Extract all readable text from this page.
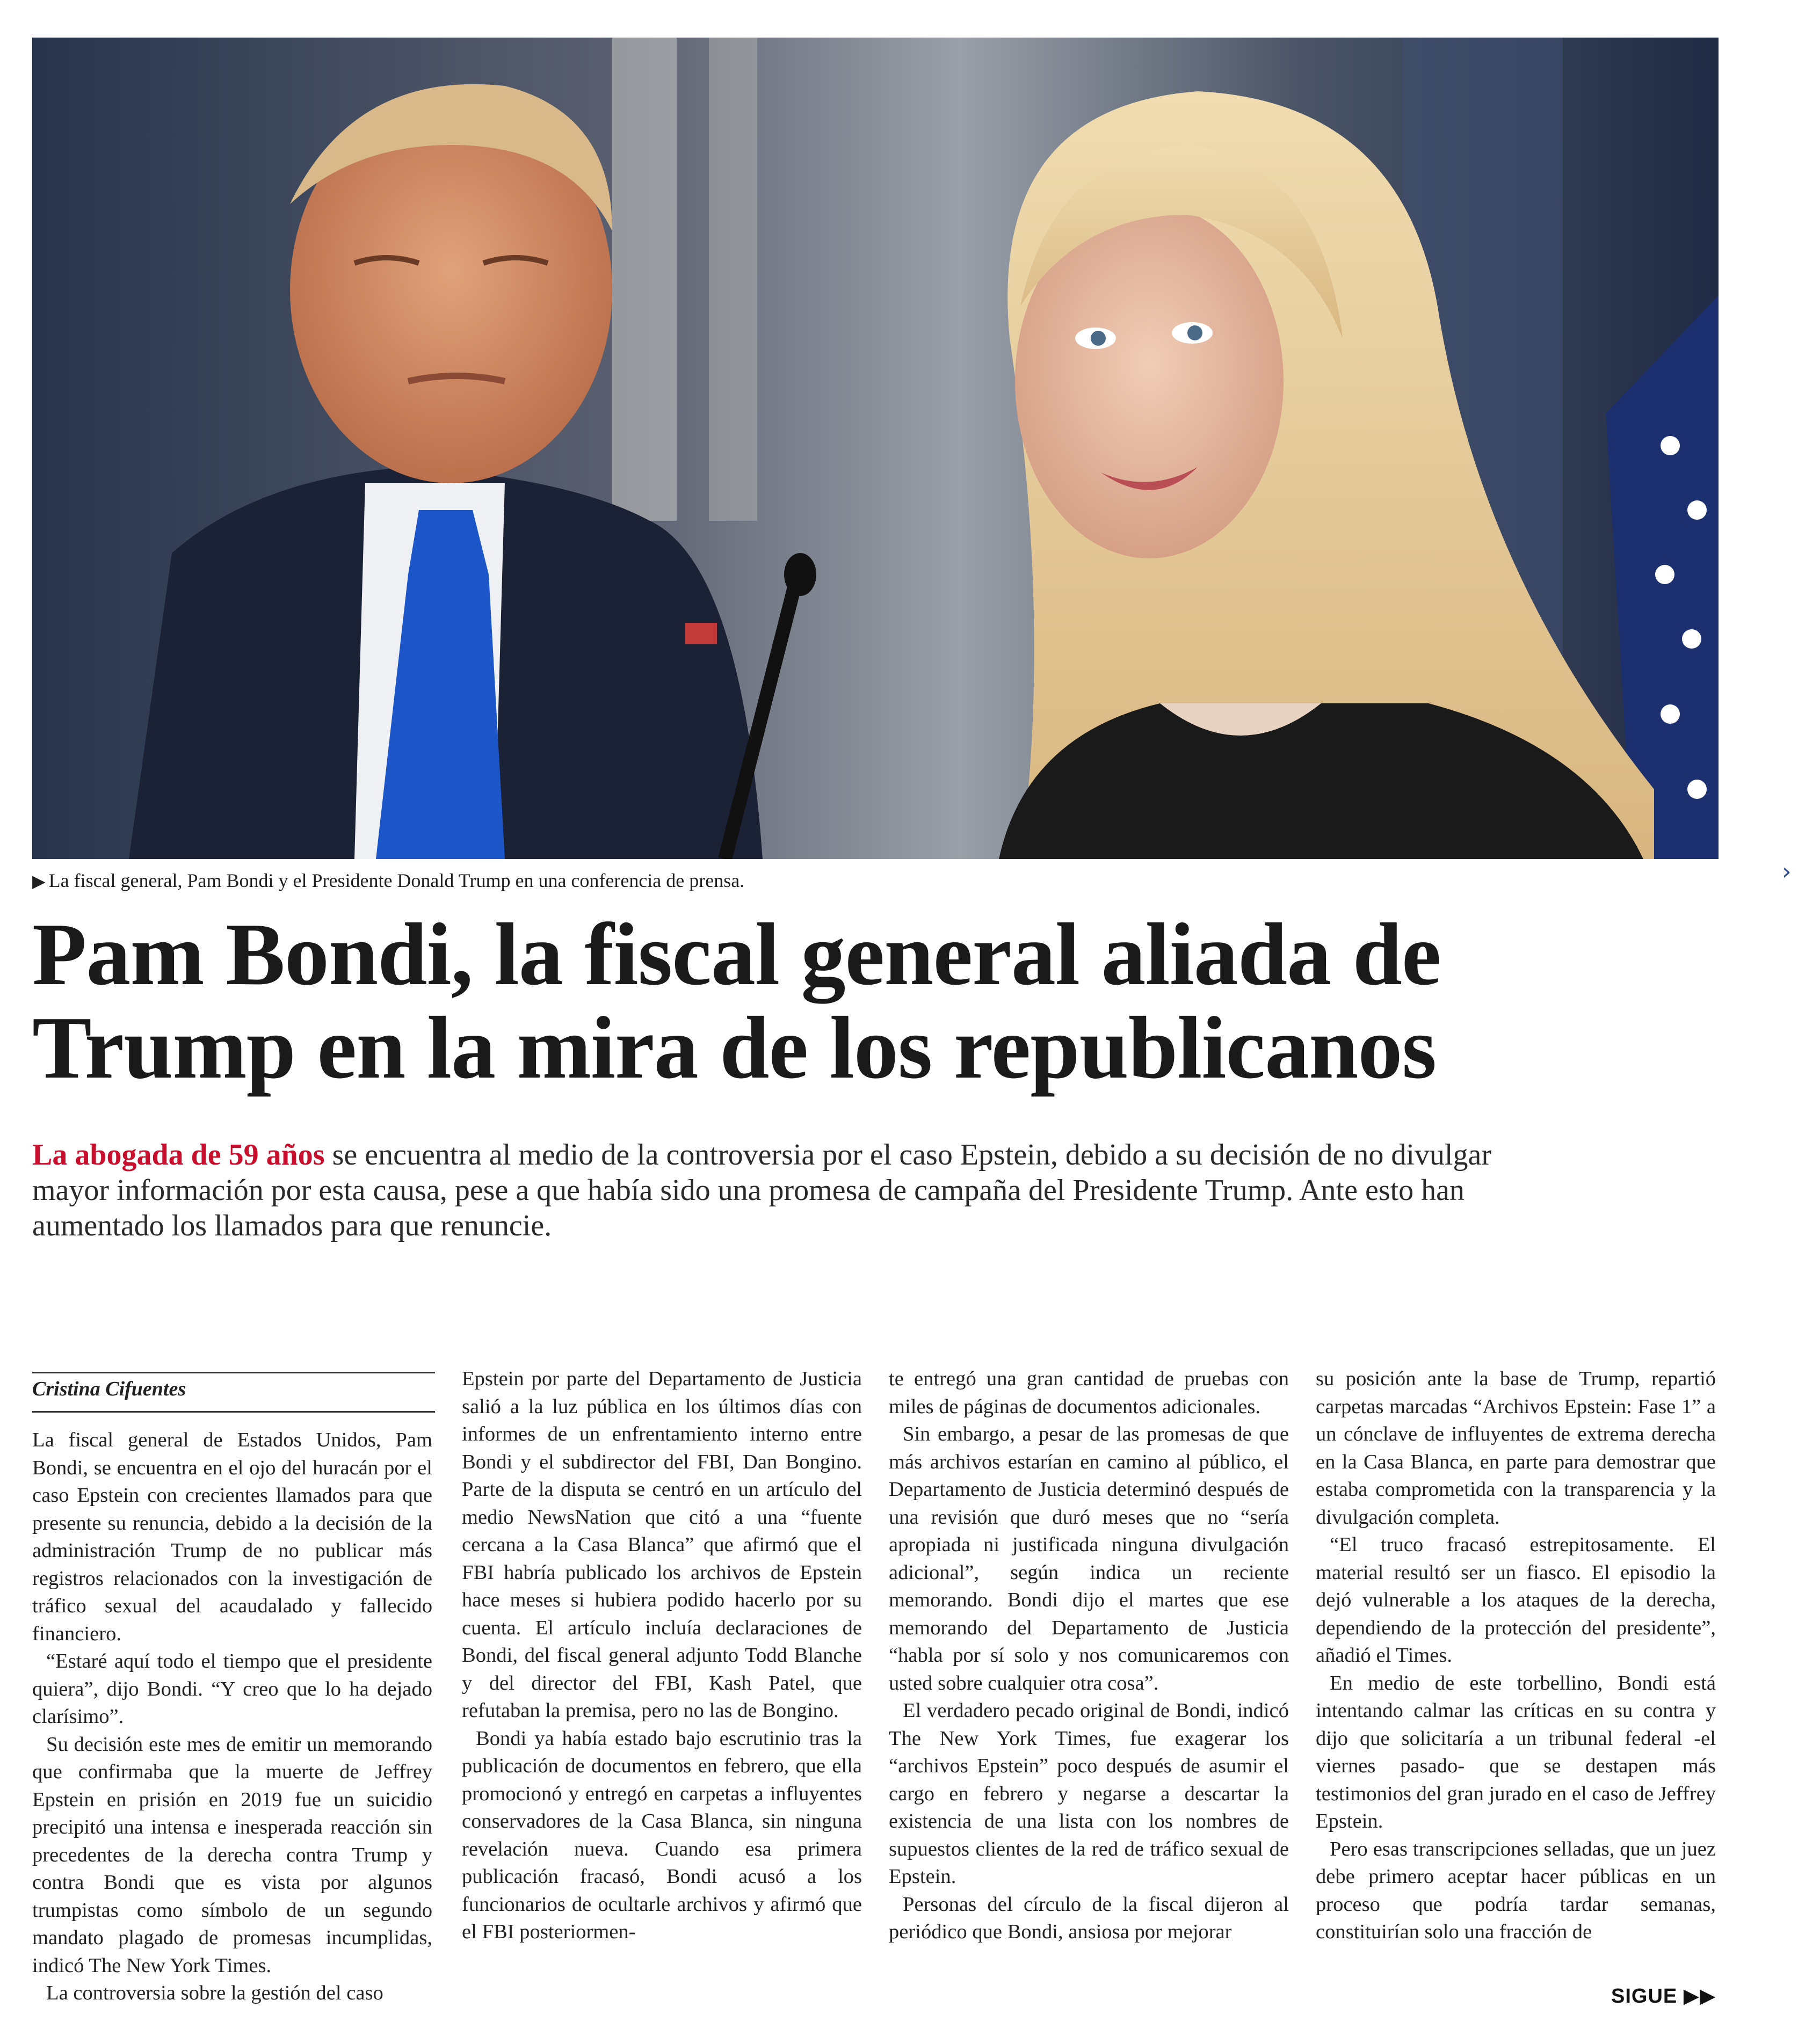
▶ La fiscal general, Pam Bondi y el Presidente Donald Trump en una conferencia de prensa.	›
Pam Bondi, la fiscal general aliada de
Trump en la mira de los republicanos
La abogada de 59 años se encuentra al medio de la controversia por el caso Epstein, debido a su decisión de no divulgar mayor información por esta causa, pese a que había sido una promesa de campaña del Presidente Trump. Ante esto han aumentado los llamados para que renuncie.
Cristina Cifuentes

La fiscal general de Estados Unidos, Pam Bondi, se encuentra en el ojo del huracán por el caso Epstein con crecientes llamados para que presente su renuncia, debido a la decisión de la administración Trump de no publicar más registros relacionados con la investigación de tráfico sexual del acaudalado y fallecido financiero.

“Estaré aquí todo el tiempo que el presidente quiera”, dijo Bondi. “Y creo que lo ha dejado clarísimo”.

Su decisión este mes de emitir un memorando que confirmaba que la muerte de Jeffrey Epstein en prisión en 2019 fue un suicidio precipitó una intensa e inesperada reacción sin precedentes de la derecha contra Trump y contra Bondi que es vista por algunos trumpistas como símbolo de un segundo mandato plagado de promesas incumplidas, indicó The New York Times.

La controversia sobre la gestión del caso

Epstein por parte del Departamento de Justicia salió a la luz pública en los últimos días con informes de un enfrentamiento interno entre Bondi y el subdirector del FBI, Dan Bongino. Parte de la disputa se centró en un artículo del medio NewsNation que citó a una “fuente cercana a la Casa Blanca” que afirmó que el FBI habría publicado los archivos de Epstein hace meses si hubiera podido hacerlo por su cuenta. El artículo incluía declaraciones de Bondi, del fiscal general adjunto Todd Blanche y del director del FBI, Kash Patel, que refutaban la premisa, pero no las de Bongino.

Bondi ya había estado bajo escrutinio tras la publicación de documentos en febrero, que ella promocionó y entregó en carpetas a influyentes conservadores de la Casa Blanca, sin ninguna revelación nueva. Cuando esa primera publicación fracasó, Bondi acusó a los funcionarios de ocultarle archivos y afirmó que el FBI posteriormen-

te entregó una gran cantidad de pruebas con miles de páginas de documentos adicionales.

Sin embargo, a pesar de las promesas de que más archivos estarían en camino al público, el Departamento de Justicia determinó después de una revisión que duró meses que no “sería apropiada ni justificada ninguna divulgación adicional”, según indica un reciente memorando. Bondi dijo el martes que ese memorando del Departamento de Justicia “habla por sí solo y nos comunicaremos con usted sobre cualquier otra cosa”.

El verdadero pecado original de Bondi, indicó The New York Times, fue exagerar los “archivos Epstein” poco después de asumir el cargo en febrero y negarse a descartar la existencia de una lista con los nombres de supuestos clientes de la red de tráfico sexual de Epstein.

Personas del círculo de la fiscal dijeron al periódico que Bondi, ansiosa por mejorar

su posición ante la base de Trump, repartió carpetas marcadas “Archivos Epstein: Fase 1” a un cónclave de influyentes de extrema derecha en la Casa Blanca, en parte para demostrar que estaba comprometida con la transparencia y la divulgación completa.

“El truco fracasó estrepitosamente. El material resultó ser un fiasco. El episodio la dejó vulnerable a los ataques de la derecha, dependiendo de la protección del presidente”, añadió el Times.

En medio de este torbellino, Bondi está intentando calmar las críticas en su contra y dijo que solicitaría a un tribunal federal -el viernes pasado- que se destapen más testimonios del gran jurado en el caso de Jeffrey Epstein.

Pero esas transcripciones selladas, que un juez debe primero aceptar hacer públicas en un proceso que podría tardar semanas, constituirían solo una fracción de

SIGUE ▶▶
